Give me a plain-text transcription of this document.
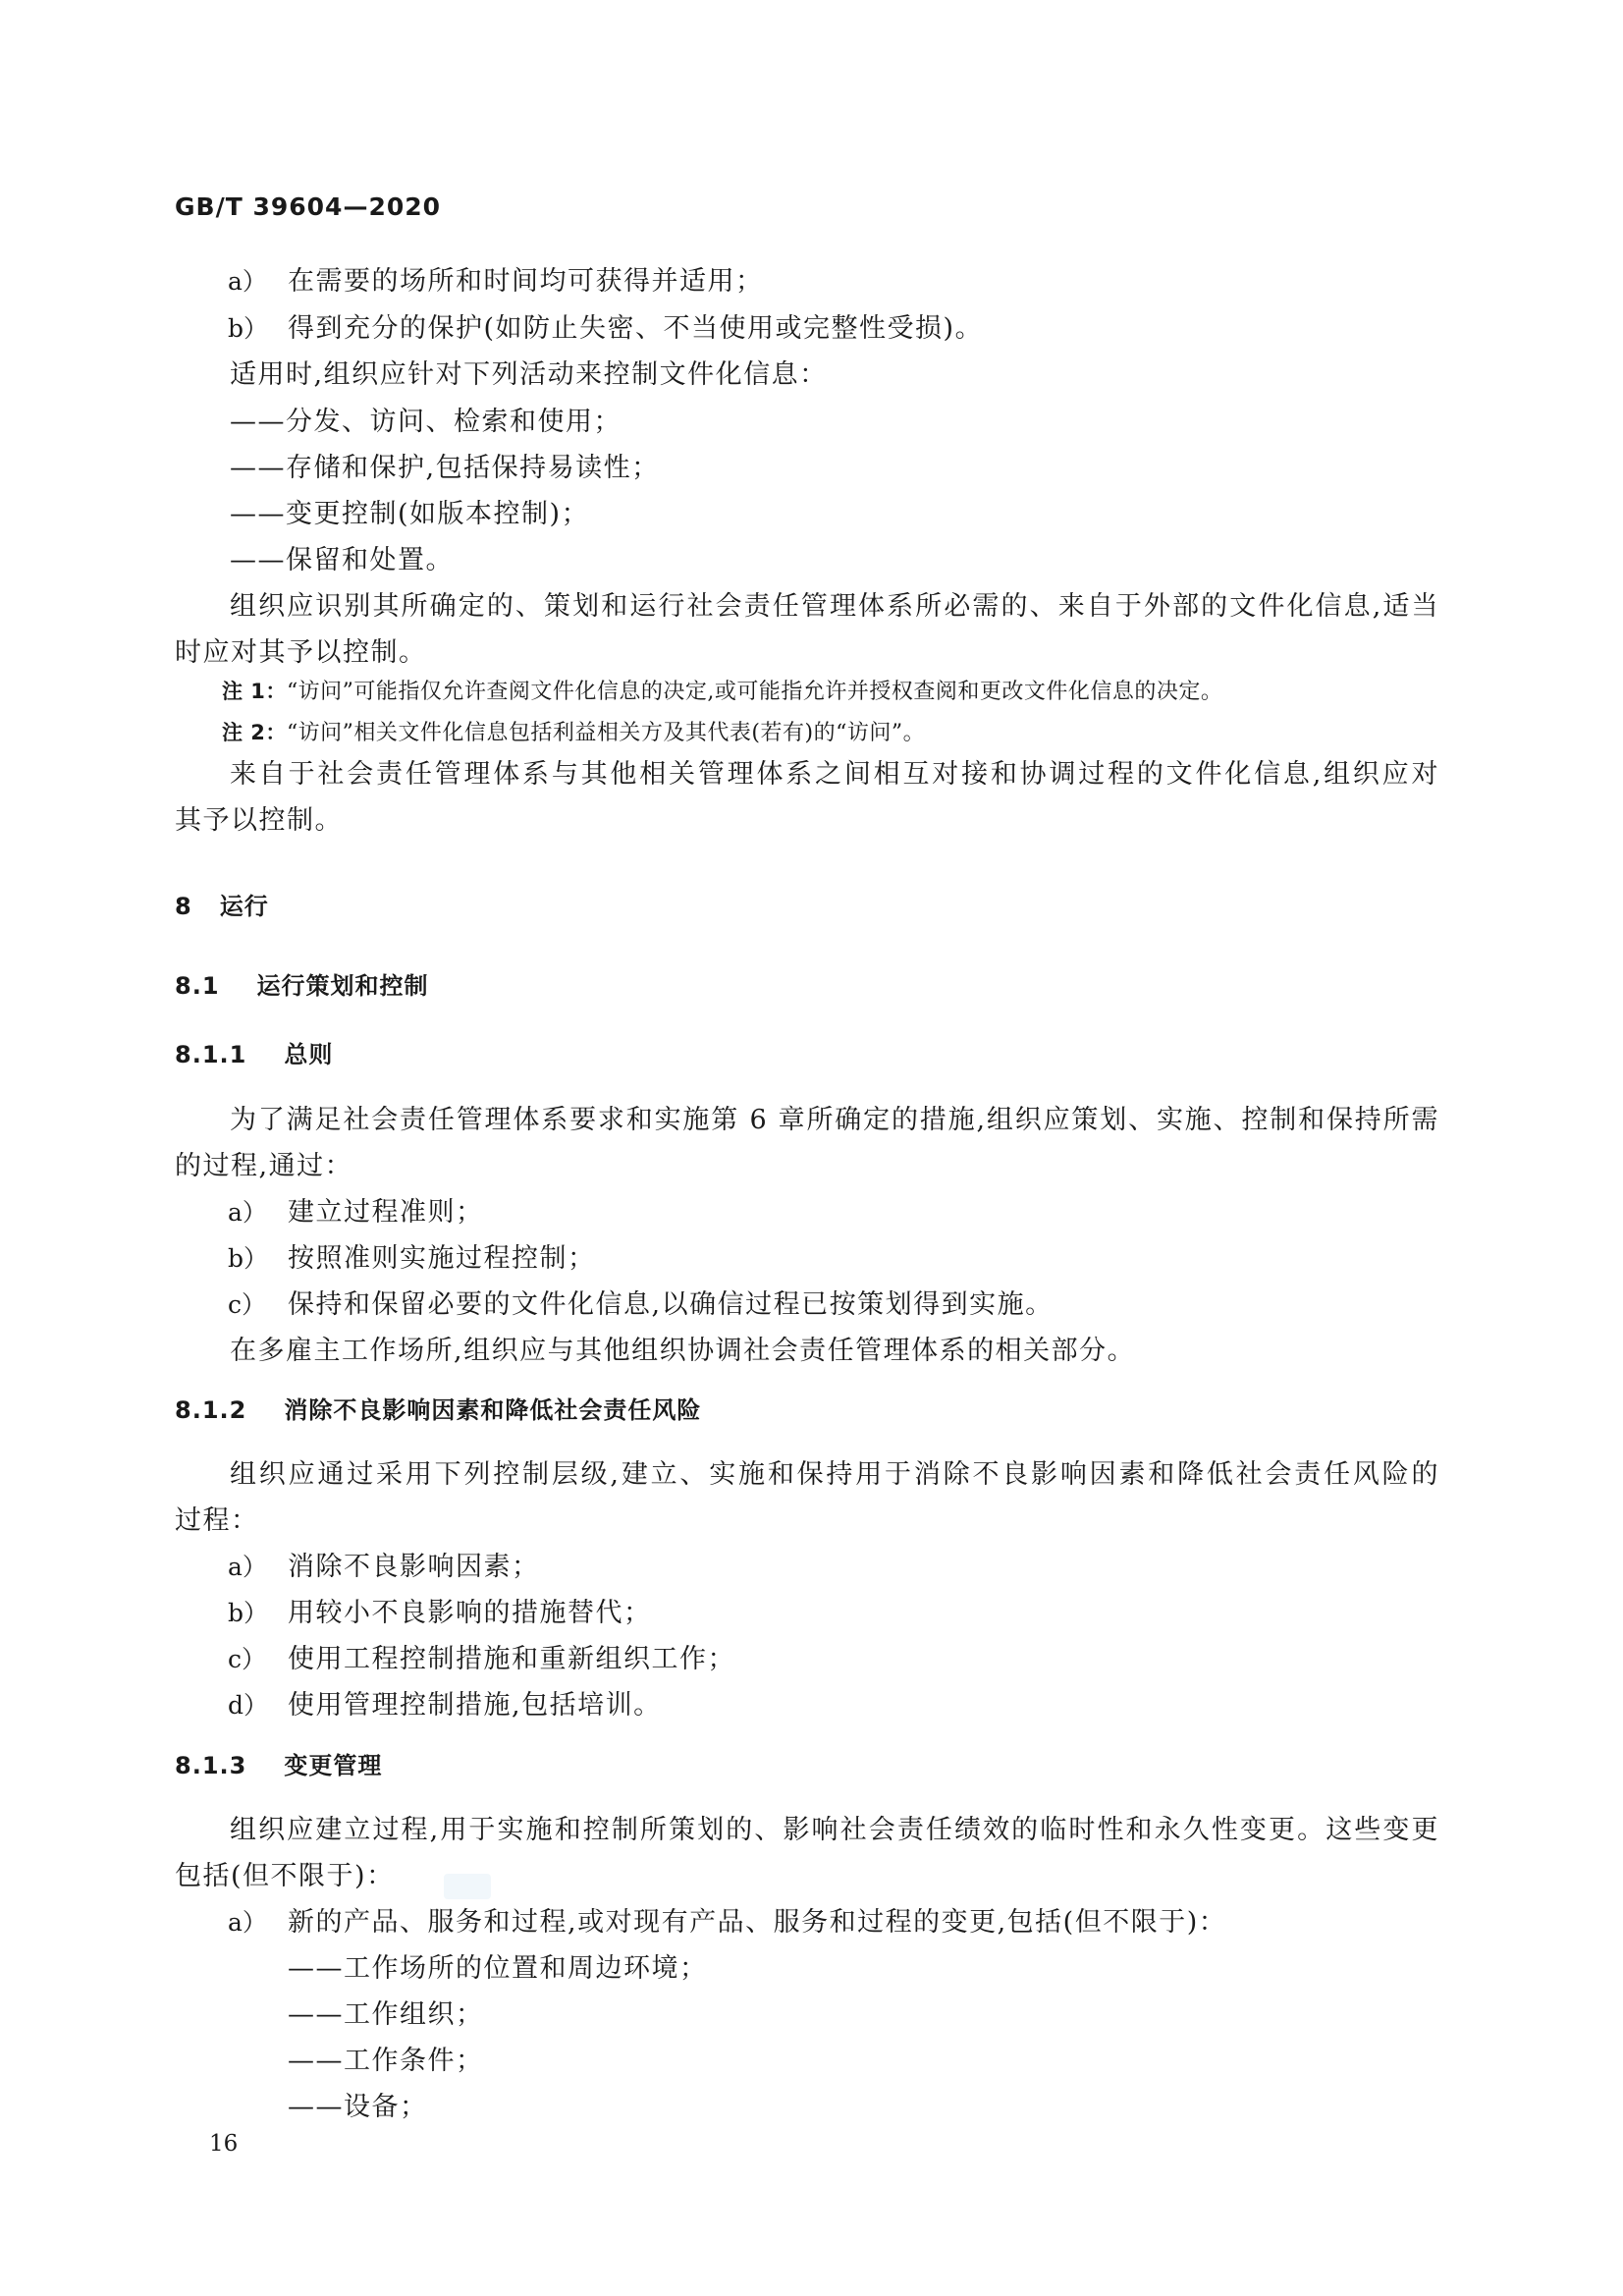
GB/T 39604—2020
a） 在需要的场所和时间均可获得并适用；
b） 得到充分的保护(如防止失密、不当使用或完整性受损)。
适用时,组织应针对下列活动来控制文件化信息：
——分发、访问、检索和使用；
——存储和保护,包括保持易读性；
——变更控制(如版本控制)；
——保留和处置。
组织应识别其所确定的、策划和运行社会责任管理体系所必需的、来自于外部的文件化信息,适当
时应对其予以控制。
注 1：“访问”可能指仅允许查阅文件化信息的决定,或可能指允许并授权查阅和更改文件化信息的决定。
注 2：“访问”相关文件化信息包括利益相关方及其代表(若有)的“访问”。
来自于社会责任管理体系与其他相关管理体系之间相互对接和协调过程的文件化信息,组织应对
其予以控制。
8 运行
8.1 运行策划和控制
8.1.1 总则
为了满足社会责任管理体系要求和实施第 6 章所确定的措施,组织应策划、实施、控制和保持所需
的过程,通过：
a） 建立过程准则；
b） 按照准则实施过程控制；
c） 保持和保留必要的文件化信息,以确信过程已按策划得到实施。
在多雇主工作场所,组织应与其他组织协调社会责任管理体系的相关部分。
8.1.2 消除不良影响因素和降低社会责任风险
组织应通过采用下列控制层级,建立、实施和保持用于消除不良影响因素和降低社会责任风险的
过程：
a） 消除不良影响因素；
b） 用较小不良影响的措施替代；
c） 使用工程控制措施和重新组织工作；
d） 使用管理控制措施,包括培训。
8.1.3 变更管理
组织应建立过程,用于实施和控制所策划的、影响社会责任绩效的临时性和永久性变更。这些变更
包括(但不限于)：
a） 新的产品、服务和过程,或对现有产品、服务和过程的变更,包括(但不限于)：
——工作场所的位置和周边环境；
——工作组织；
——工作条件；
——设备；
16
